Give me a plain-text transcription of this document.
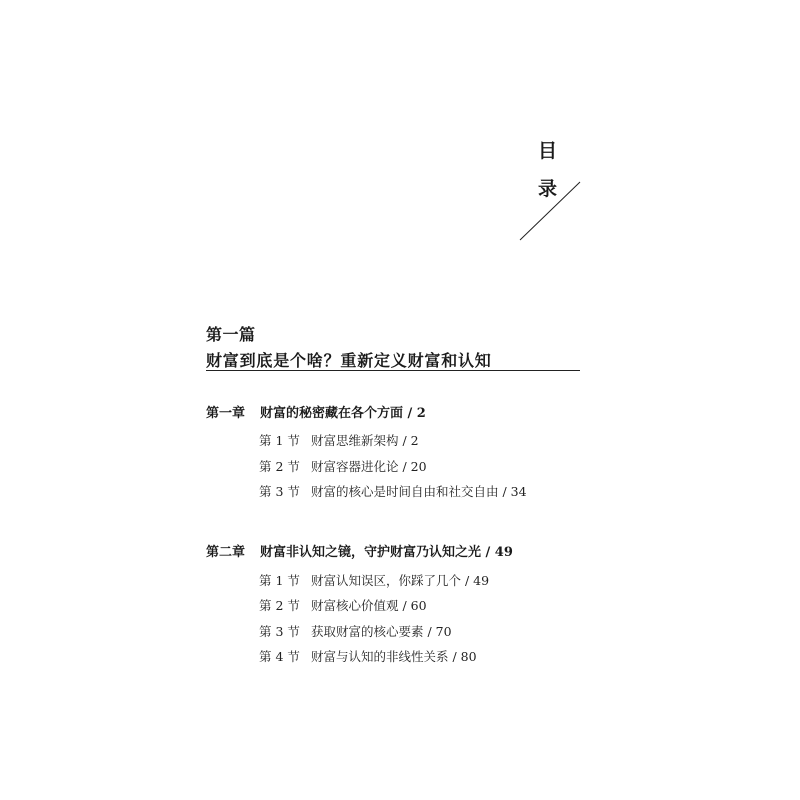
目
录
第一篇
财富到底是个啥？重新定义财富和认知
第一章 财富的秘密藏在各个方面 / 2
第 1 节 财富思维新架构 / 2
第 2 节 财富容器进化论 / 20
第 3 节 财富的核心是时间自由和社交自由 / 34
第二章 财富非认知之镜，守护财富乃认知之光 / 49
第 1 节 财富认知误区，你踩了几个 / 49
第 2 节 财富核心价值观 / 60
第 3 节 获取财富的核心要素 / 70
第 4 节 财富与认知的非线性关系 / 80
